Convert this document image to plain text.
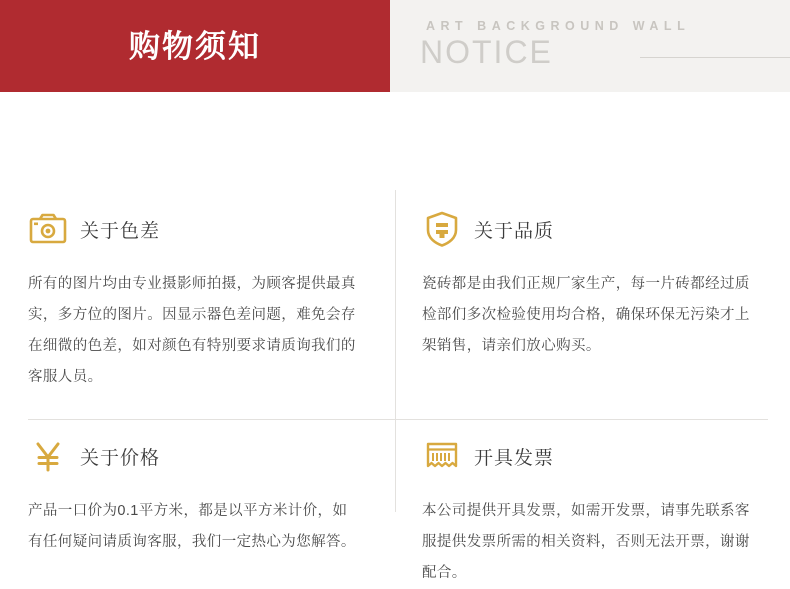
购物须知
ART BACKGROUND WALL
NOTICE
关于色差
所有的图片均由专业摄影师拍摄，为顾客提供最真实，多方位的图片。因显示器色差问题，难免会存在细微的色差，如对颜色有特别要求请质询我们的客服人员。
关于品质
瓷砖都是由我们正规厂家生产，每一片砖都经过质检部们多次检验使用均合格，确保环保无污染才上架销售，请亲们放心购买。
关于价格
产品一口价为0.1平方米，都是以平方米计价，如有任何疑问请质询客服，我们一定热心为您解答。
开具发票
本公司提供开具发票，如需开发票，请事先联系客服提供发票所需的相关资料，否则无法开票，谢谢配合。
